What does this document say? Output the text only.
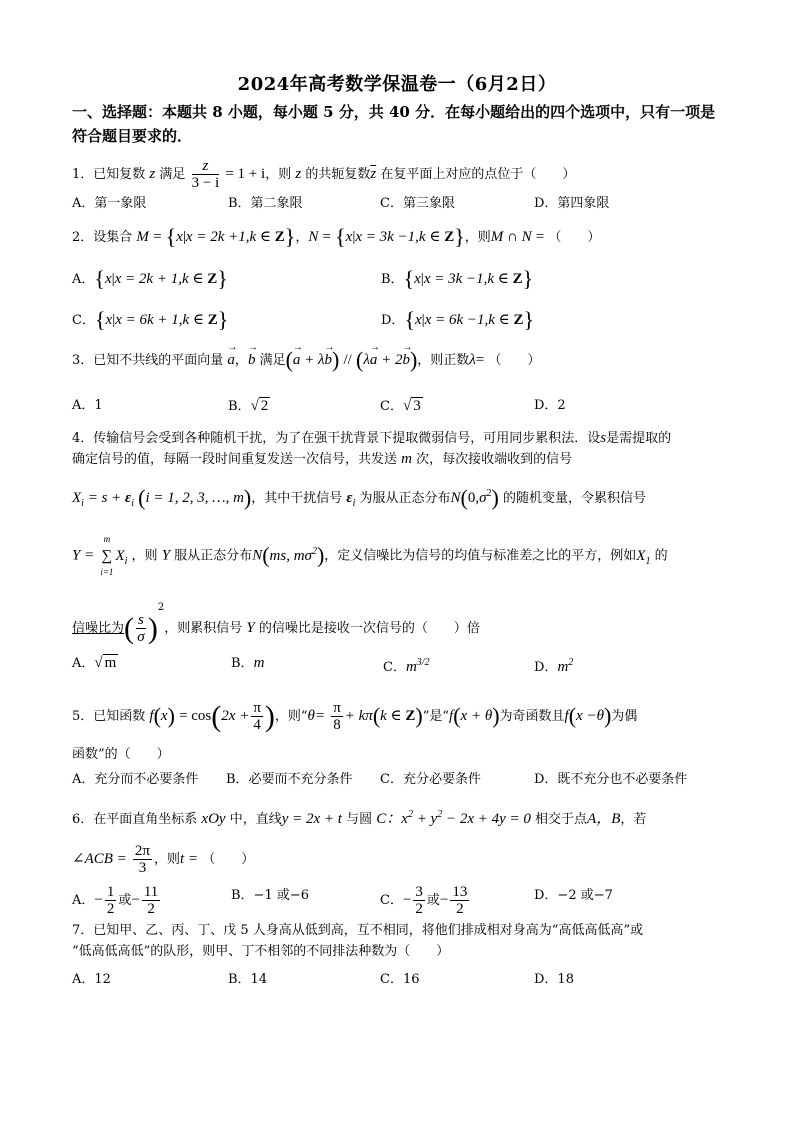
2024年高考数学保温卷一（6月2日）
一、选择题：本题共 8 小题，每小题 5 分，共 40 分．在每小题给出的四个选项中，只有一项是符合题目要求的．
1．已知复数 z 满足 $\frac{z}{3 - i} = 1 + i$，则 z 的共轭复数$\overline{z}$ 在复平面上对应的点位于（　　）
A．第一象限	B．第二象限	C．第三象限	D．第四象限
2．设集合 M = {x|x = 2k +1,k ∈ Z}，N = {x|x = 3k −1,k ∈ Z}，则M ∩ N = （　　）
A．{x|x = 2k + 1,k ∈ Z}	B．{x|x = 3k −1,k ∈ Z}
C．{x|x = 6k + 1,k ∈ Z}	D．{x|x = 6k −1,k ∈ Z}
3．已知不共线的平面向量 → a，→ b 满足(→ a + λ→ b) // (λ→ a + 2→ b)，则正数λ= （　　）
A．1	B．√ 2	C．√ 3	D．2
4．传输信号会受到各种随机干扰，为了在强干扰背景下提取微弱信号，可用同步累积法．设s是需提取的
确定信号的值，每隔一段时间重复发送一次信号，共发送 m 次，每次接收端收到的信号
$X_i = s + \varepsilon_i$ (i = 1, 2, 3, …, m)，其中干扰信号 $\varepsilon_i$ 为服从正态分布$N(0,\sigma^2)$ 的随机变量，令累积信号
Y =
m
∑
i=1
$X_i$ ，则 Y 服从正态分布N(ms, $m\sigma^2$)，定义信噪比为信号的均值与标准差之比的平方，例如$X_1$ 的
信噪比为( $\frac{s}{\sigma} )^2$，则累积信号 Y 的信噪比是接收一次信号的（　　）倍
A．√ m	B．m	C．$m^{3/2}$	D．$m^2$
5．已知函数 $f(x) = \cos(2x + \frac{\pi}{4}$ )，则“$\theta= \frac{\pi}{8} + k\pi(k$ ∈ Z)”是“f(x + θ)为奇函数且f(x −θ)为偶
函数”的（　　）
A．充分而不必要条件 B．必要而不充分条件 C．充分必要条件	D．既不充分也不必要条件
6．在平面直角坐标系 xOy 中，直线y = 2x + t 与圆 C：$x^2 + y^2 - 2x + 4y = 0$ 相交于点A，B，若
∠ACB = $\frac{2\pi}{3}$ ，则t = （　　）
A．− $\frac{1}{2}$ 或− $\frac{11}{2}$	B．−1 或−6	C．− $\frac{3}{2}$ 或− $\frac{13}{2}$	D．−2 或−7
7．已知甲、乙、丙、丁、戊 5 人身高从低到高，互不相同，将他们排成相对身高为“高低高低高”或
“低高低高低”的队形，则甲、丁不相邻的不同排法种数为（　　）
A．12	B．14	C．16	D．18
